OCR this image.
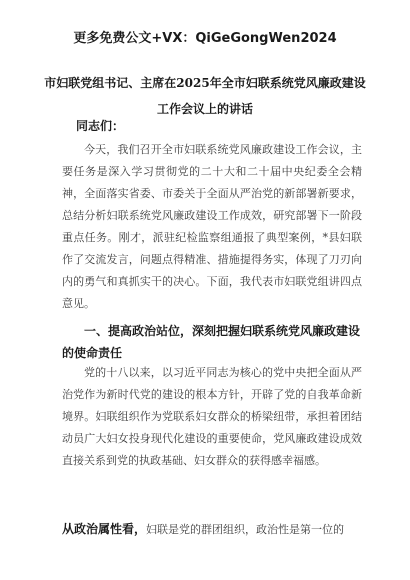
更多免费公文+VX：QiGeGongWen2024
市妇联党组书记、主席在2025年全市妇联系统党风廉政建设工作会议上的讲话
同志们：

今天，我们召开全市妇联系统党风廉政建设工作会议，主要任务是深入学习贯彻党的二十大和二十届中央纪委全会精神，全面落实省委、市委关于全面从严治党的新部署新要求，总结分析妇联系统党风廉政建设工作成效，研究部署下一阶段重点任务。刚才，派驻纪检监察组通报了典型案例，*县妇联作了交流发言，问题点得精准、措施提得务实，体现了刀刃向内的勇气和真抓实干的决心。下面，我代表市妇联党组讲四点意见。

一、提高政治站位，深刻把握妇联系统党风廉政建设的使命责任

党的十八以来，以习近平同志为核心的党中央把全面从严治党作为新时代党的建设的根本方针，开辟了党的自我革命新境界。妇联组织作为党联系妇女群众的桥梁纽带，承担着团结动员广大妇女投身现代化建设的重要使命，党风廉政建设成效直接关系到党的执政基础、妇女群众的获得感幸福感。

从政治属性看，妇联是党的群团组织，政治性是第一位的
